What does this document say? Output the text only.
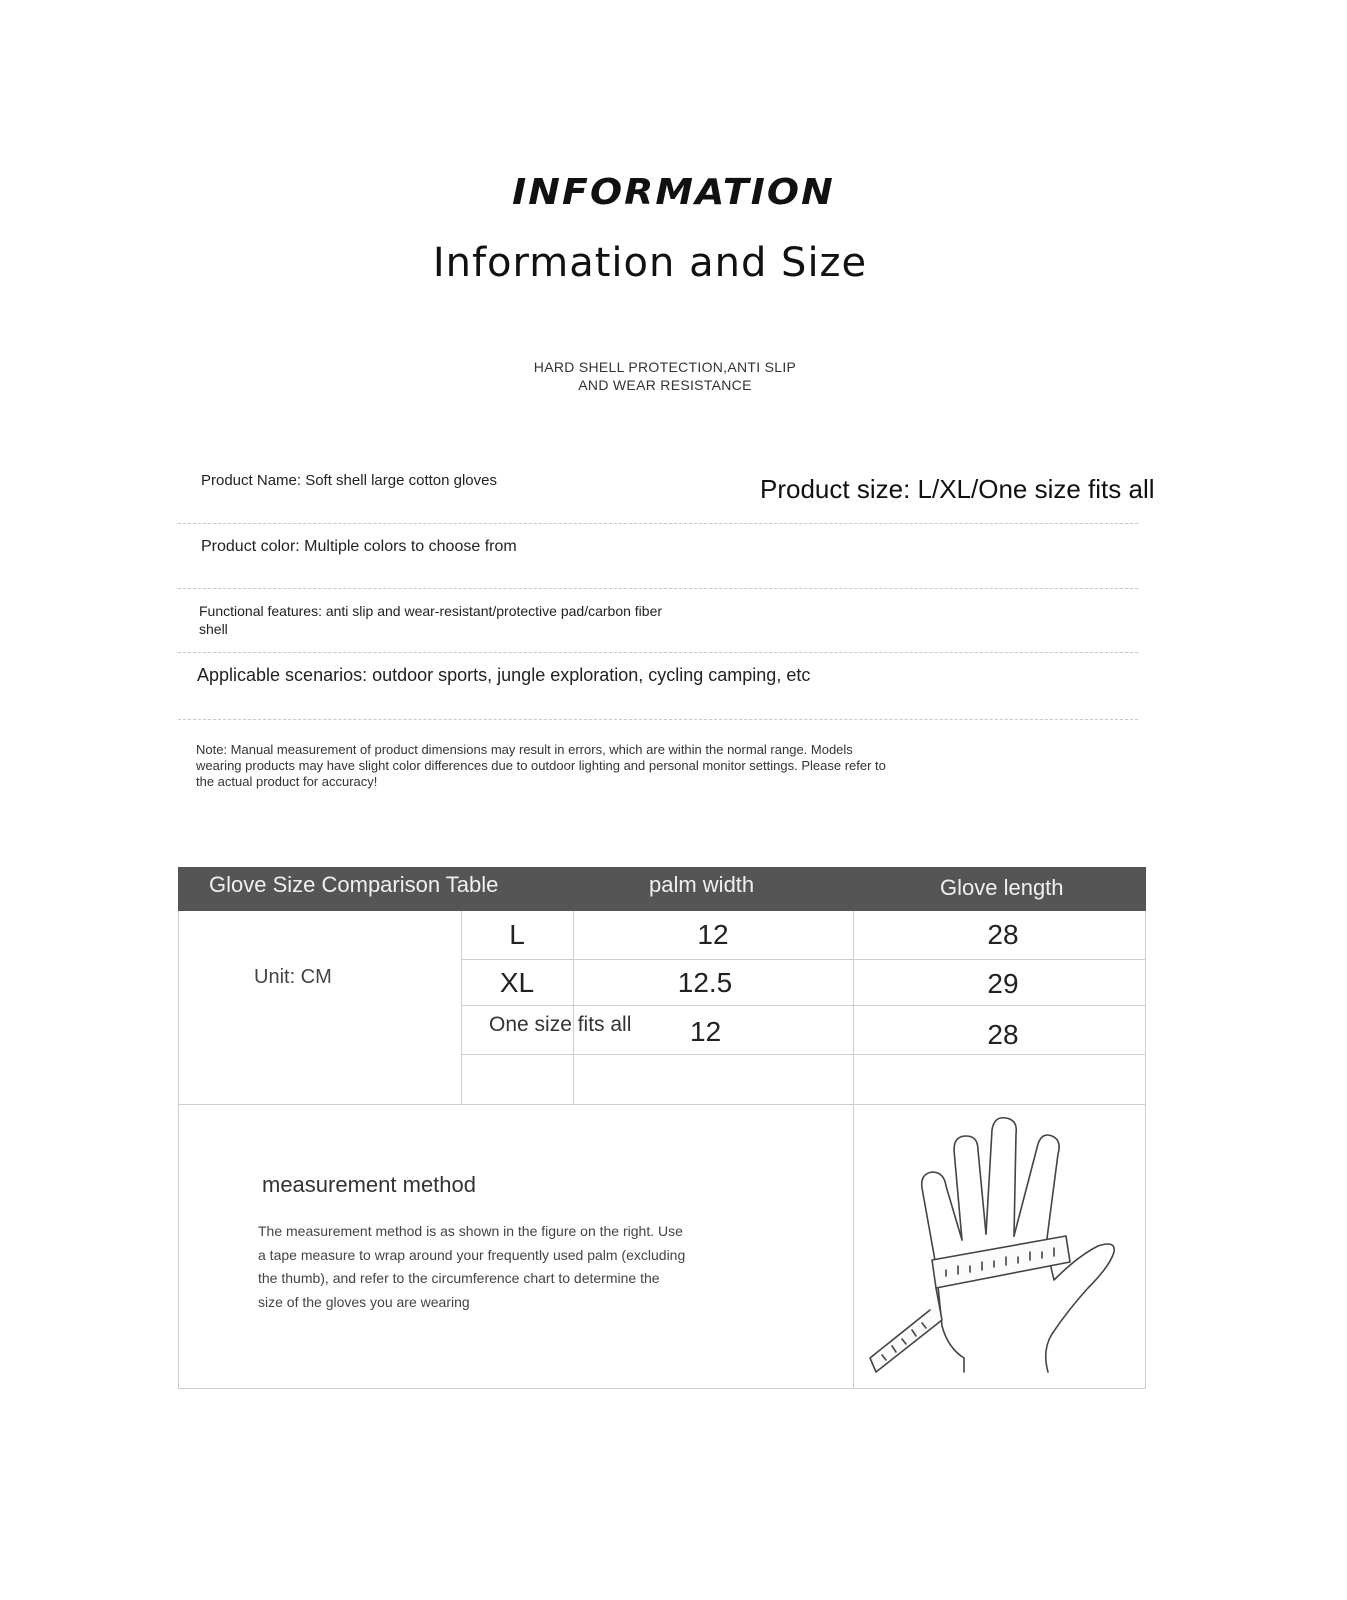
INFORMATION
Information and Size
HARD SHELL PROTECTION,ANTI SLIP
AND WEAR RESISTANCE
Product Name: Soft shell large cotton gloves	Product size: L/XL/One size fits all
Product color: Multiple colors to choose from
Functional features: anti slip and wear-resistant/protective pad/carbon fiber
shell
Applicable scenarios: outdoor sports, jungle exploration, cycling camping, etc
Note: Manual measurement of product dimensions may result in errors, which are within the normal range. Models
wearing products may have slight color differences due to outdoor lighting and personal monitor settings. Please refer to
the actual product for accuracy!
Glove Size Comparison Table	palm width	Glove length
Unit: CM
L	12	28
XL	12.5	29
One size fits all 12	28
measurement method
The measurement method is as shown in the figure on the right. Use
a tape measure to wrap around your frequently used palm (excluding
the thumb), and refer to the circumference chart to determine the
size of the gloves you are wearing
